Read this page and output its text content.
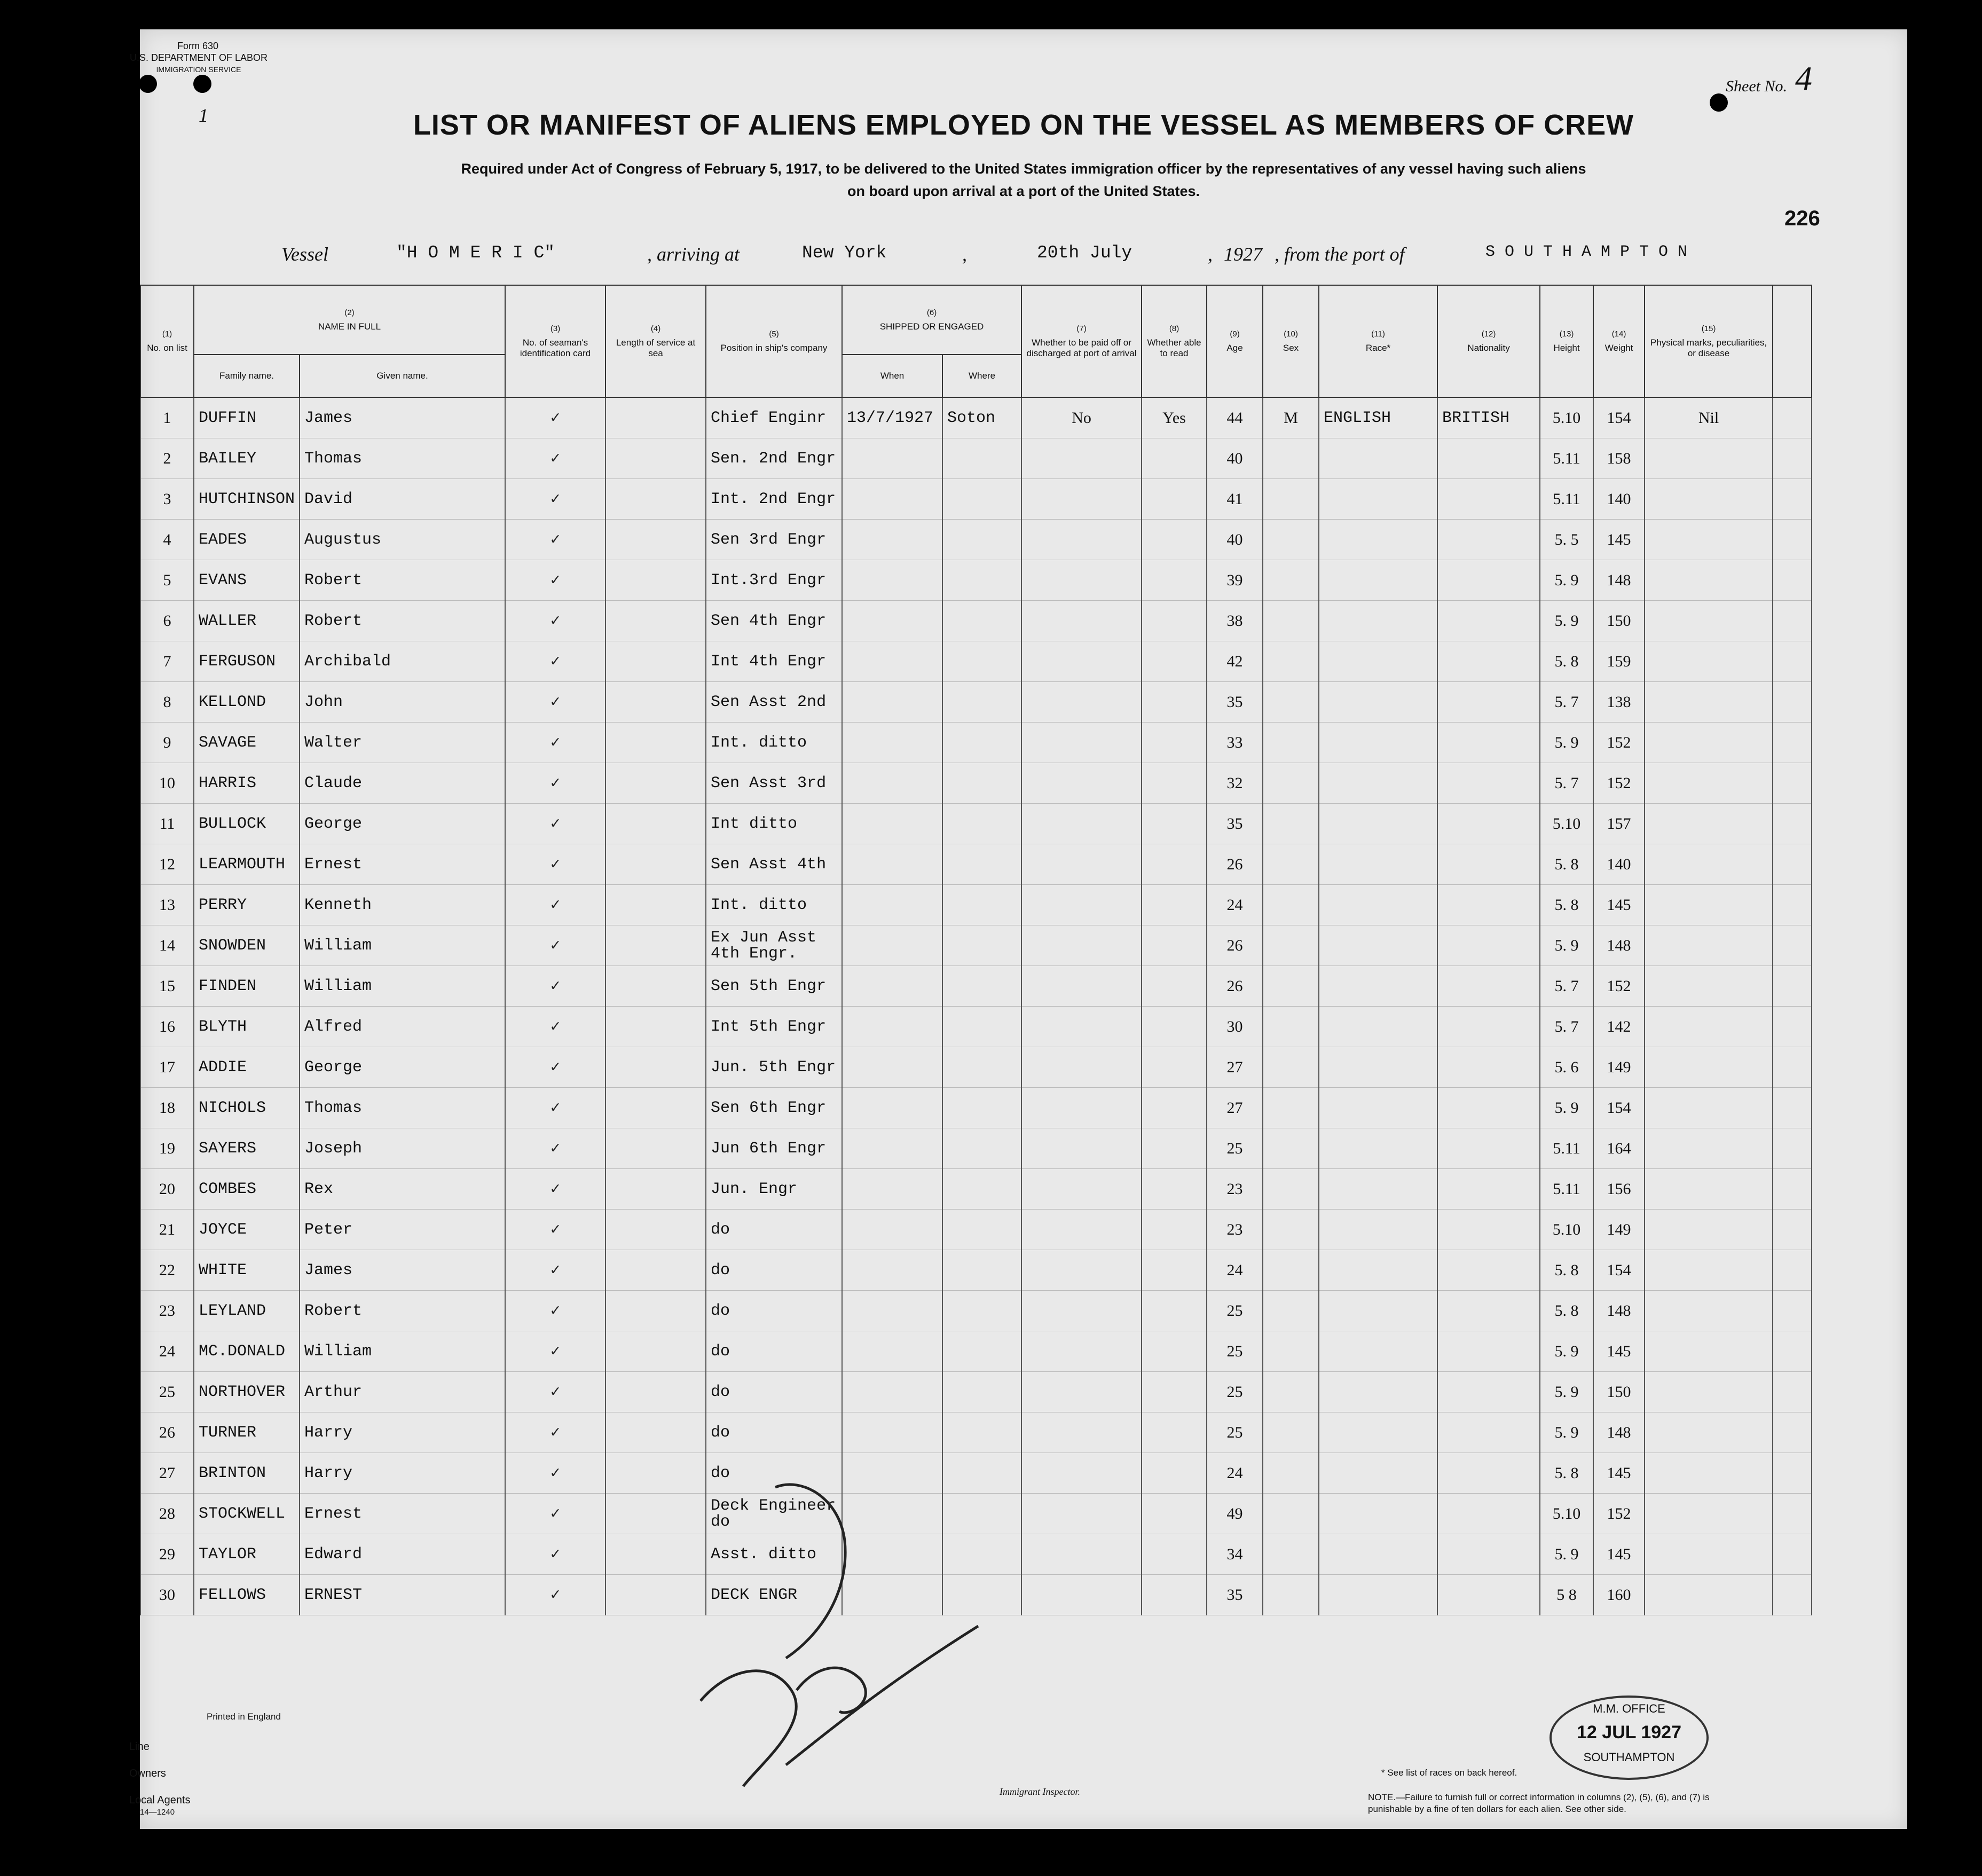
Form 630
U.S. DEPARTMENT OF LABOR
IMMIGRATION SERVICE
1
Sheet No. 4
LIST OR MANIFEST OF ALIENS EMPLOYED ON THE VESSEL AS MEMBERS OF CREW
Required under Act of Congress of February 5, 1917, to be delivered to the United States immigration officer by the representatives of any vessel having such aliens
on board upon arrival at a port of the United States.
226
Vessel	"H O M E R I C"	, arriving at	New York	,	20th July	, 1927 , from the port of	S O U T H A M P T O N
(1)
No. on list	(2)
NAME IN FULL		(3)
No. of seaman's identification card	(4)
Length of service at sea	(5)
Position in ship's company	(6)
SHIPPED OR ENGAGED		(7)
Whether to be paid off or discharged at port of arrival	(8)
Whether able to read	(9)
Age	(10)
Sex	(11)
Race*	(12)
Nationality	(13)
Height	(14)
Weight	(15)
Physical marks, peculiarities, or disease	
	Family name.	Given name.															
						When	Where										
1	DUFFIN	James	✓		Chief Enginr	13/7/1927	Soton	No	Yes	44	M	ENGLISH	BRITISH	5.10	154	Nil	
2	BAILEY	Thomas	✓		Sen. 2nd Engr					40				5.11	158		
3	HUTCHINSON	David	✓		Int. 2nd Engr					41				5.11	140		
4	EADES	Augustus	✓		Sen 3rd Engr					40				5. 5	145		
5	EVANS	Robert	✓		Int.3rd Engr					39				5. 9	148		
6	WALLER	Robert	✓		Sen 4th Engr					38				5. 9	150		
7	FERGUSON	Archibald	✓		Int 4th Engr					42				5. 8	159		
8	KELLOND	John	✓		Sen Asst 2nd					35				5. 7	138		
9	SAVAGE	Walter	✓		Int. ditto					33				5. 9	152		
10	HARRIS	Claude	✓		Sen Asst 3rd					32				5. 7	152		
11	BULLOCK	George	✓		Int ditto					35				5.10	157		
12	LEARMOUTH	Ernest	✓		Sen Asst 4th					26				5. 8	140		
13	PERRY	Kenneth	✓		Int. ditto					24				5. 8	145		
14	SNOWDEN	William	✓		Ex Jun Asst 4th Engr.					26				5. 9	148		
15	FINDEN	William	✓		Sen 5th Engr					26				5. 7	152		
16	BLYTH	Alfred	✓		Int 5th Engr					30				5. 7	142		
17	ADDIE	George	✓		Jun. 5th Engr					27				5. 6	149		
18	NICHOLS	Thomas	✓		Sen 6th Engr					27				5. 9	154		
19	SAYERS	Joseph	✓		Jun 6th Engr					25				5.11	164		
20	COMBES	Rex	✓		Jun. Engr					23				5.11	156		
21	JOYCE	Peter	✓		do					23				5.10	149		
22	WHITE	James	✓		do					24				5. 8	154		
23	LEYLAND	Robert	✓		do					25				5. 8	148		
24	MC.DONALD	William	✓		do					25				5. 9	145		
25	NORTHOVER	Arthur	✓		do					25				5. 9	150		
26	TURNER	Harry	✓		do					25				5. 9	148		
27	BRINTON	Harry	✓		do					24				5. 8	145		
28	STOCKWELL	Ernest	✓		Deck Engineer do					49				5.10	152		
29	TAYLOR	Edward	✓		Asst. ditto					34				5. 9	145		
30	FELLOWS	ERNEST	✓		DECK ENGR					35				5 8	160		
Printed in England
Line
Owners
Local Agents
14—1240
Immigrant Inspector.
M.M. OFFICE
12 JUL 1927
SOUTHAMPTON
* See list of races on back hereof.
NOTE.—Failure to furnish full or correct information in columns (2), (5), (6), and (7) is punishable by a fine of ten dollars for each alien. See other side.
